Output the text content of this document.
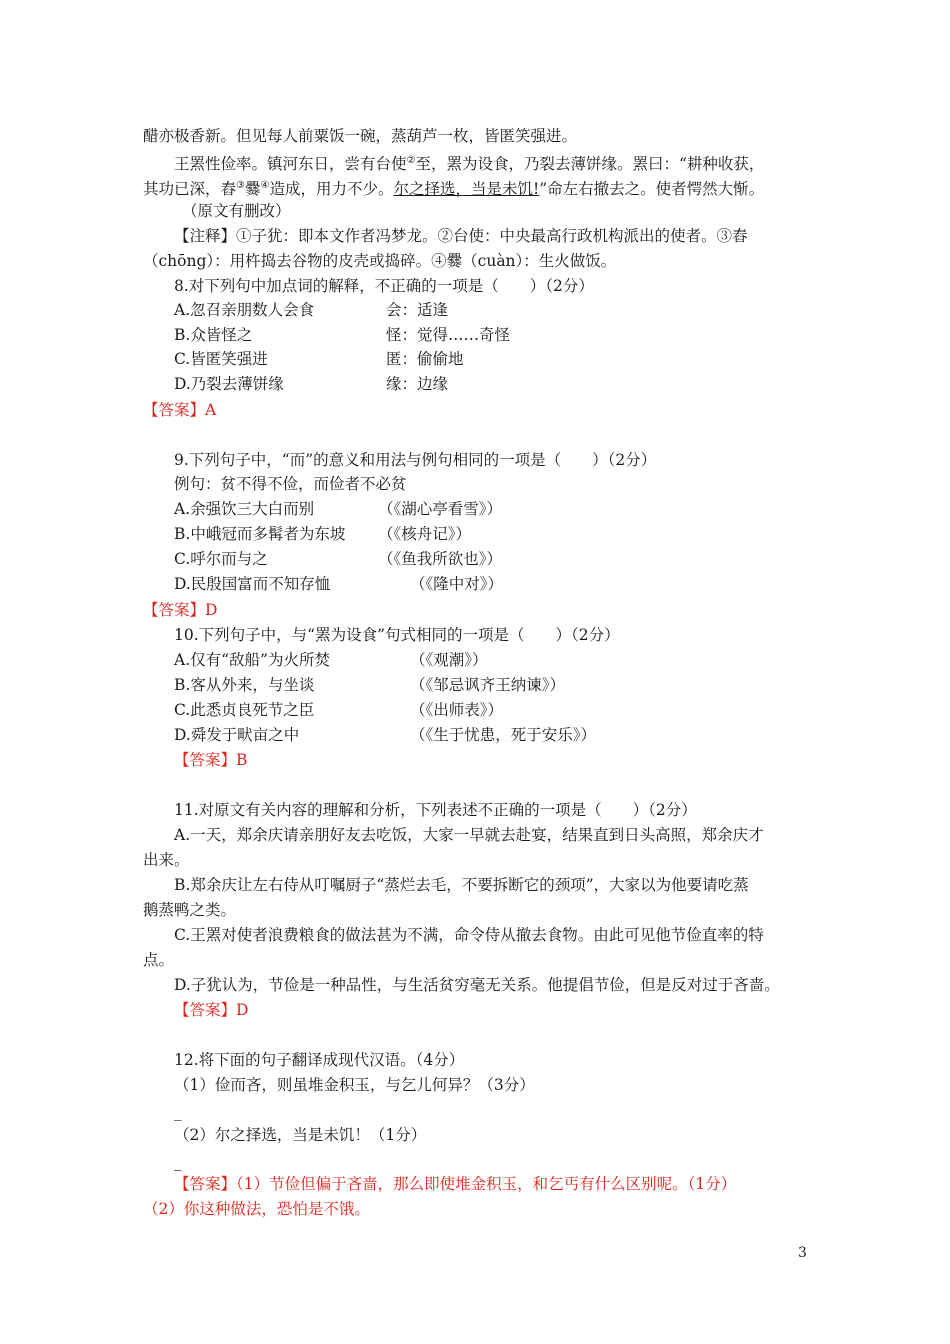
醋亦极香新。但见每人前粟饭一碗，蒸葫芦一枚，皆匿笑强进。
王罴性俭率。镇河东日，尝有台使②至，罴为设食，乃裂去薄饼缘。罴曰：“耕种收获，
其功已深，舂③爨④造成，用力不少。尔之择选，当是未饥!”命左右撤去之。使者愕然大惭。
（原文有删改）
【注释】①子犹：即本文作者冯梦龙。②台使：中央最高行政机构派出的使者。③舂
（chōng）：用杵捣去谷物的皮壳或捣碎。④爨（cuàn）：生火做饭。
8.对下列句中加点词的解释，不正确的一项是（　　）（2分）
A.忽召亲朋数人会食	会：适逢
B.众皆怪之	怪：觉得……奇怪
C.皆匿笑强进	匿：偷偷地
D.乃裂去薄饼缘	缘：边缘
【答案】A
9.下列句子中，“而”的意义和用法与例句相同的一项是（　　）（2分）
例句：贫不得不俭，而俭者不必贫
A.余强饮三大白而别	（《湖心亭看雪》）
B.中峨冠而多髯者为东坡 （《核舟记》）
C.呼尔而与之	（《鱼我所欲也》）
D.民殷国富而不知存恤	（《隆中对》）
【答案】D
10.下列句子中，与“罴为设食”句式相同的一项是（　　）（2分）
A.仅有“敌船”为火所焚	（《观潮》）
B.客从外来，与坐谈	（《邹忌讽齐王纳谏》）
C.此悉贞良死节之臣	（《出师表》）
D.舜发于畎亩之中	（《生于忧患，死于安乐》）
【答案】B
11.对原文有关内容的理解和分析，下列表述不正确的一项是（　　）（2分）
A.一天，郑余庆请亲朋好友去吃饭，大家一早就去赴宴，结果直到日头高照，郑余庆才
出来。
B.郑余庆让左右侍从叮嘱厨子“蒸烂去毛，不要拆断它的颈项”，大家以为他要请吃蒸
鹅蒸鸭之类。
C.王罴对使者浪费粮食的做法甚为不满，命令侍从撤去食物。由此可见他节俭直率的特
点。
D.子犹认为，节俭是一种品性，与生活贫穷毫无关系。他提倡节俭，但是反对过于吝啬。
【答案】D
12.将下面的句子翻译成现代汉语。（4分）
（1）俭而吝，则虽堆金积玉，与乞儿何异？（3分）
_
（2）尔之择选，当是未饥！（1分）
_
【答案】（1）节俭但偏于吝啬，那么即使堆金积玉，和乞丐有什么区别呢。（1分）
（2）你这种做法，恐怕是不饿。
3
